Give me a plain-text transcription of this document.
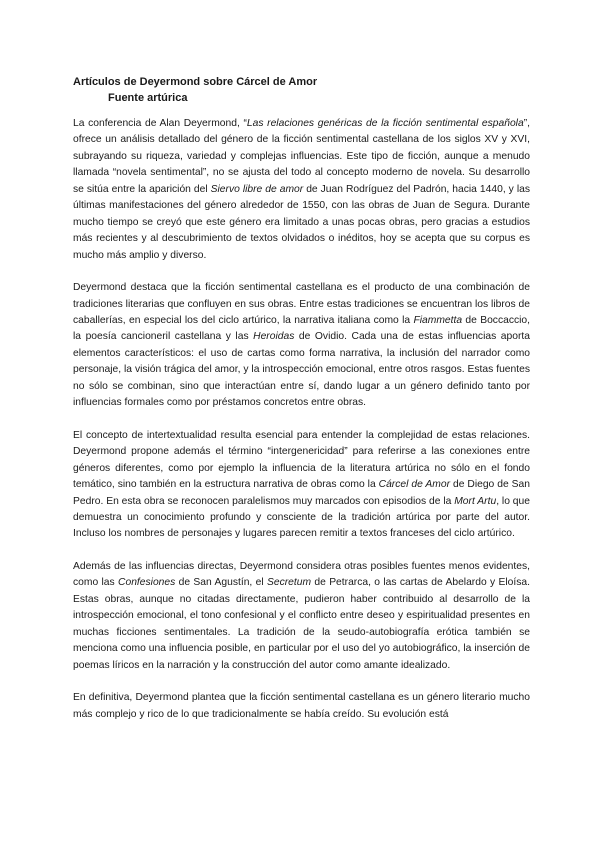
Artículos de Deyermond sobre Cárcel de Amor
Fuente artúrica

La conferencia de Alan Deyermond, “Las relaciones genéricas de la ficción sentimental española”, ofrece un análisis detallado del género de la ficción sentimental castellana de los siglos XV y XVI, subrayando su riqueza, variedad y complejas influencias. Este tipo de ficción, aunque a menudo llamada “novela sentimental”, no se ajusta del todo al concepto moderno de novela. Su desarrollo se sitúa entre la aparición del Siervo libre de amor de Juan Rodríguez del Padrón, hacia 1440, y las últimas manifestaciones del género alrededor de 1550, con las obras de Juan de Segura. Durante mucho tiempo se creyó que este género era limitado a unas pocas obras, pero gracias a estudios más recientes y al descubrimiento de textos olvidados o inéditos, hoy se acepta que su corpus es mucho más amplio y diverso.

Deyermond destaca que la ficción sentimental castellana es el producto de una combinación de tradiciones literarias que confluyen en sus obras. Entre estas tradiciones se encuentran los libros de caballerías, en especial los del ciclo artúrico, la narrativa italiana como la Fiammetta de Boccaccio, la poesía cancioneril castellana y las Heroidas de Ovidio. Cada una de estas influencias aporta elementos característicos: el uso de cartas como forma narrativa, la inclusión del narrador como personaje, la visión trágica del amor, y la introspección emocional, entre otros rasgos. Estas fuentes no sólo se combinan, sino que interactúan entre sí, dando lugar a un género definido tanto por influencias formales como por préstamos concretos entre obras.

El concepto de intertextualidad resulta esencial para entender la complejidad de estas relaciones. Deyermond propone además el término “intergenericidad” para referirse a las conexiones entre géneros diferentes, como por ejemplo la influencia de la literatura artúrica no sólo en el fondo temático, sino también en la estructura narrativa de obras como la Cárcel de Amor de Diego de San Pedro. En esta obra se reconocen paralelismos muy marcados con episodios de la Mort Artu, lo que demuestra un conocimiento profundo y consciente de la tradición artúrica por parte del autor. Incluso los nombres de personajes y lugares parecen remitir a textos franceses del ciclo artúrico.

Además de las influencias directas, Deyermond considera otras posibles fuentes menos evidentes, como las Confesiones de San Agustín, el Secretum de Petrarca, o las cartas de Abelardo y Eloísa. Estas obras, aunque no citadas directamente, pudieron haber contribuido al desarrollo de la introspección emocional, el tono confesional y el conflicto entre deseo y espiritualidad presentes en muchas ficciones sentimentales. La tradición de la seudo-autobiografía erótica también se menciona como una influencia posible, en particular por el uso del yo autobiográfico, la inserción de poemas líricos en la narración y la construcción del autor como amante idealizado.

En definitiva, Deyermond plantea que la ficción sentimental castellana es un género literario mucho más complejo y rico de lo que tradicionalmente se había creído. Su evolución está
